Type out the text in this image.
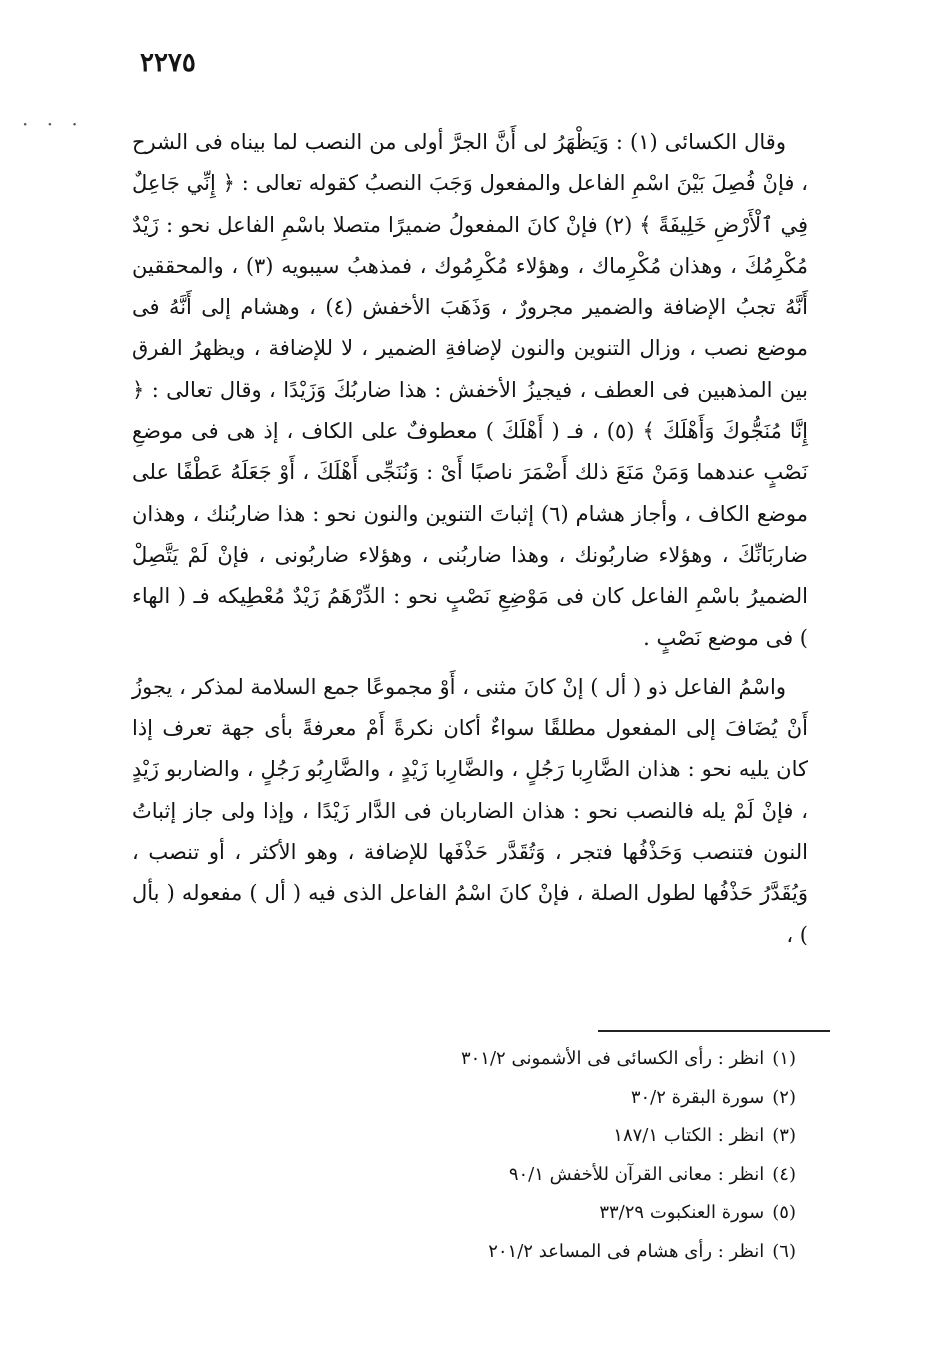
٢٢٧٥
· · ·

وقال الكسائى (١) : وَيَظْهَرُ لى أَنَّ الجرَّ أولى من النصب لما بيناه فى الشرح ، فإنْ فُصِلَ بَيْنَ اسْمِ الفاعل والمفعول وَجَبَ النصبُ كقوله تعالى : ﴿ إِنِّي جَاعِلٌ فِي ٱلْأَرْضِ خَلِيفَةً ﴾ (٢) فإنْ كانَ المفعولُ ضميرًا متصلا باسْمِ الفاعل نحو : زَيْدٌ مُكْرِمُكَ ، وهذان مُكْرِماك ، وهؤلاء مُكْرِمُوك ، فمذهبُ سيبويه (٣) ، والمحققين أَنَّهُ تجبُ الإضافة والضمير مجرورٌ ، وَذَهَبَ الأخفش (٤) ، وهشام إلى أَنَّهُ فى موضع نصب ، وزال التنوين والنون لإضافةِ الضمير ، لا للإضافة ، ويظهرُ الفرق بين المذهبين فى العطف ، فيجيزُ الأخفش : هذا ضاربُكَ وَزَيْدًا ، وقال تعالى : ﴿ إِنَّا مُنَجُّوكَ وَأَهْلَكَ ﴾ (٥) ، فـ ( أَهْلَكَ ) معطوفٌ على الكاف ، إذ هى فى موضعِ نَصْبٍ عندهما وَمَنْ مَنَعَ ذلك أَضْمَرَ ناصبًا أَىْ : وَنُنَجِّى أَهْلَكَ ، أَوْ جَعَلَهُ عَطْفًا على موضع الكاف ، وأجاز هشام (٦) إثباتَ التنوين والنون نحو : هذا ضاربُنك ، وهذان ضاربَانِّكَ ، وهؤلاء ضاربُونك ، وهذا ضاربُنى ، وهؤلاء ضاربُونى ، فإنْ لَمْ يَتَّصِلْ الضميرُ باسْمِ الفاعل كان فى مَوْضِعِ نَصْبٍ نحو : الدِّرْهَمُ زَيْدٌ مُعْطِيكه فـ ( الهاء ) فى موضع نَصْبٍ .

واسْمُ الفاعل ذو ( أل ) إنْ كانَ مثنى ، أَوْ مجموعًا جمع السلامة لمذكر ، يجوزُ أَنْ يُضَافَ إلى المفعول مطلقًا سواءٌ أكان نكرةً أَمْ معرفةً بأى جهة تعرف إذا كان يليه نحو : هذان الضَّارِبا رَجُلٍ ، والضَّارِبا زَيْدٍ ، والضَّارِبُو رَجُلٍ ، والضاربو زَيْدٍ ، فإنْ لَمْ يله فالنصب نحو : هذان الضاربان فى الدَّار زَيْدًا ، وإذا ولى جاز إثباتُ النون فتنصب وَحَذْفُها فتجر ، وَتُقَدَّر حَذْفَها للإضافة ، وهو الأكثر ، أو تنصب ، وَيُقَدَّرُ حَذْفُها لطول الصلة ، فإنْ كانَ اسْمُ الفاعل الذى فيه ( أل ) مفعوله ( بأل ) ،

(١)انظر : رأى الكسائى فى الأشمونى ٣٠١/٢
(٢)سورة البقرة ٣٠/٢
(٣)انظر : الكتاب ١٨٧/١
(٤)انظر : معانى القرآن للأخفش ٩٠/١
(٥)سورة العنكبوت ٣٣/٢٩
(٦)انظر : رأى هشام فى المساعد ٢٠١/٢
